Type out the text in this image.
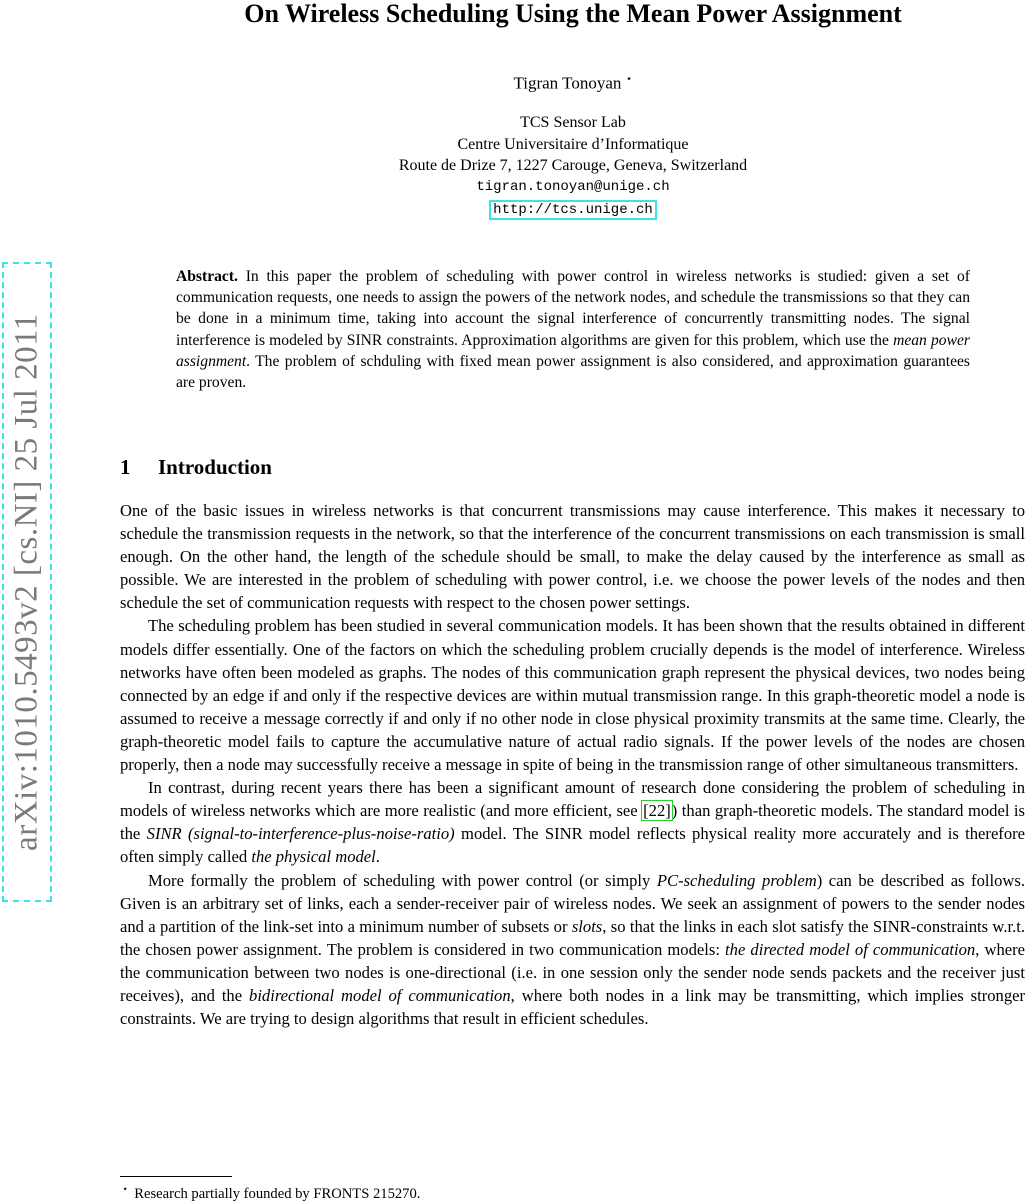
On Wireless Scheduling Using the Mean Power Assignment
Tigran Tonoyan ⋆
TCS Sensor Lab
Centre Universitaire d’Informatique
Route de Drize 7, 1227 Carouge, Geneva, Switzerland
tigran.tonoyan@unige.ch
http://tcs.unige.ch
arXiv:1010.5493v2 [cs.NI] 25 Jul 2011

Abstract. In this paper the problem of scheduling with power control in wireless networks is studied: given a set of communication requests, one needs to assign the powers of the network nodes, and schedule the transmissions so that they can be done in a minimum time, taking into account the signal interference of concurrently transmitting nodes. The signal interference is modeled by SINR constraints. Approximation algorithms are given for this problem, which use the mean power assignment. The problem of schduling with fixed mean power assignment is also considered, and approximation guarantees are proven.

1 Introduction

One of the basic issues in wireless networks is that concurrent transmissions may cause interference. This makes it necessary to schedule the transmission requests in the network, so that the interference of the concurrent transmissions on each transmission is small enough. On the other hand, the length of the schedule should be small, to make the delay caused by the interference as small as possible. We are interested in the problem of scheduling with power control, i.e. we choose the power levels of the nodes and then schedule the set of communication requests with respect to the chosen power settings.

The scheduling problem has been studied in several communication models. It has been shown that the results obtained in different models differ essentially. One of the factors on which the scheduling problem crucially depends is the model of interference. Wireless networks have often been modeled as graphs. The nodes of this communication graph represent the physical devices, two nodes being connected by an edge if and only if the respective devices are within mutual transmission range. In this graph-theoretic model a node is assumed to receive a message correctly if and only if no other node in close physical proximity transmits at the same time. Clearly, the graph-theoretic model fails to capture the accumulative nature of actual radio signals. If the power levels of the nodes are chosen properly, then a node may successfully receive a message in spite of being in the transmission range of other simultaneous transmitters.

In contrast, during recent years there has been a significant amount of research done considering the problem of scheduling in models of wireless networks which are more realistic (and more efficient, see [22]) than graph-theoretic models. The standard model is the SINR (signal-to-interference-plus-noise-ratio) model. The SINR model reflects physical reality more accurately and is therefore often simply called the physical model.

More formally the problem of scheduling with power control (or simply PC-scheduling problem) can be described as follows. Given is an arbitrary set of links, each a sender-receiver pair of wireless nodes. We seek an assignment of powers to the sender nodes and a partition of the link-set into a minimum number of subsets or slots, so that the links in each slot satisfy the SINR-constraints w.r.t. the chosen power assignment. The problem is considered in two communication models: the directed model of communication, where the communication between two nodes is one-directional (i.e. in one session only the sender node sends packets and the receiver just receives), and the bidirectional model of communication, where both nodes in a link may be transmitting, which implies stronger constraints. We are trying to design algorithms that result in efficient schedules.

⋆ Research partially founded by FRONTS 215270.
